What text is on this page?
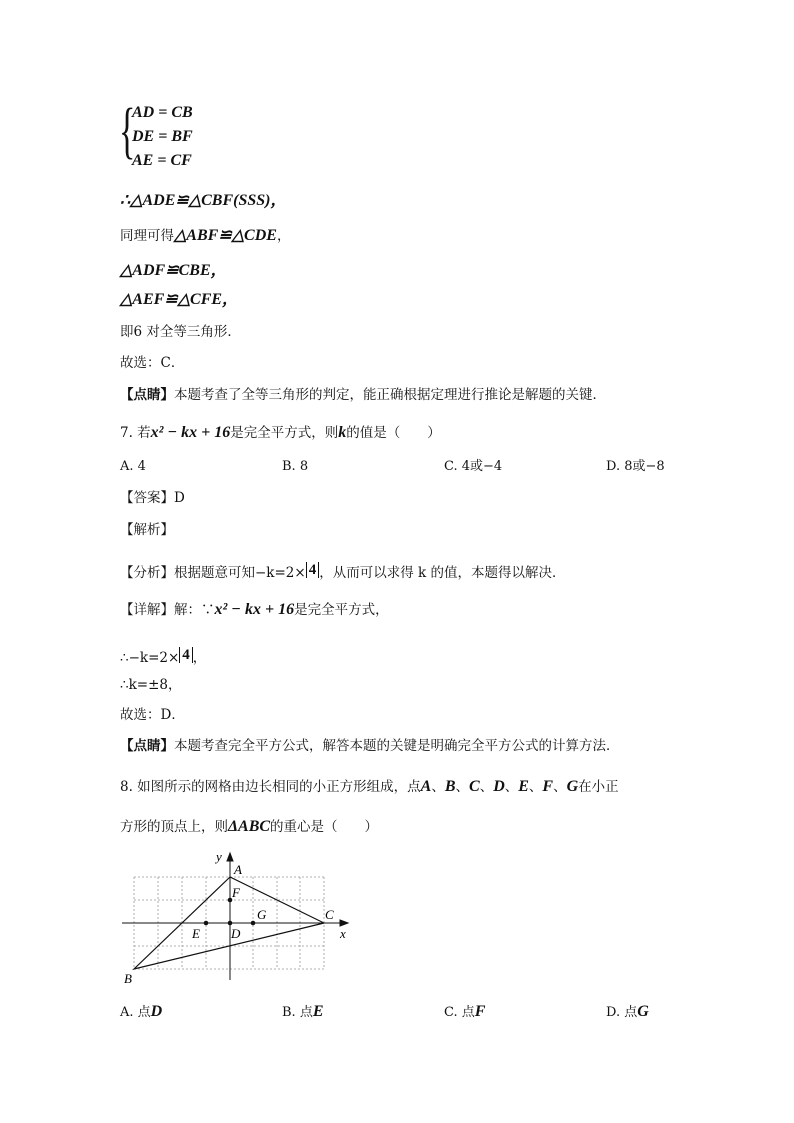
{
AD = CB
DE = BF
AE = CF
∴△ADE≌△CBF(SSS)，
同理可得△ABF≌△CDE，
△ADF≌CBE，
△AEF≌△CFE，
即6 对全等三角形．
故选：C．
【点睛】本题考查了全等三角形的判定，能正确根据定理进行推论是解题的关键．
7. 若x² − kx + 16是完全平方式，则k的值是（　　）
A. 4	B. 8	C. 4或−4	D. 8或−8
【答案】D
【解析】
【分析】根据题意可知−k=2× 4 ，从而可以求得 k 的值，本题得以解决．
【详解】解：∵x² − kx + 16是完全平方式，
∴−k=2× 4 ，
∴k=±8，
故选：D．
【点睛】本题考查完全平方公式，解答本题的关键是明确完全平方公式的计算方法．
8. 如图所示的网格由边长相同的小正方形组成，点A、B、C、D、E、F、G在小正
方形的顶点上，则ΔABC的重心是（　　）
x
y
A
F
G	C
E D
B
A. 点D	B. 点E	C. 点F	D. 点G
